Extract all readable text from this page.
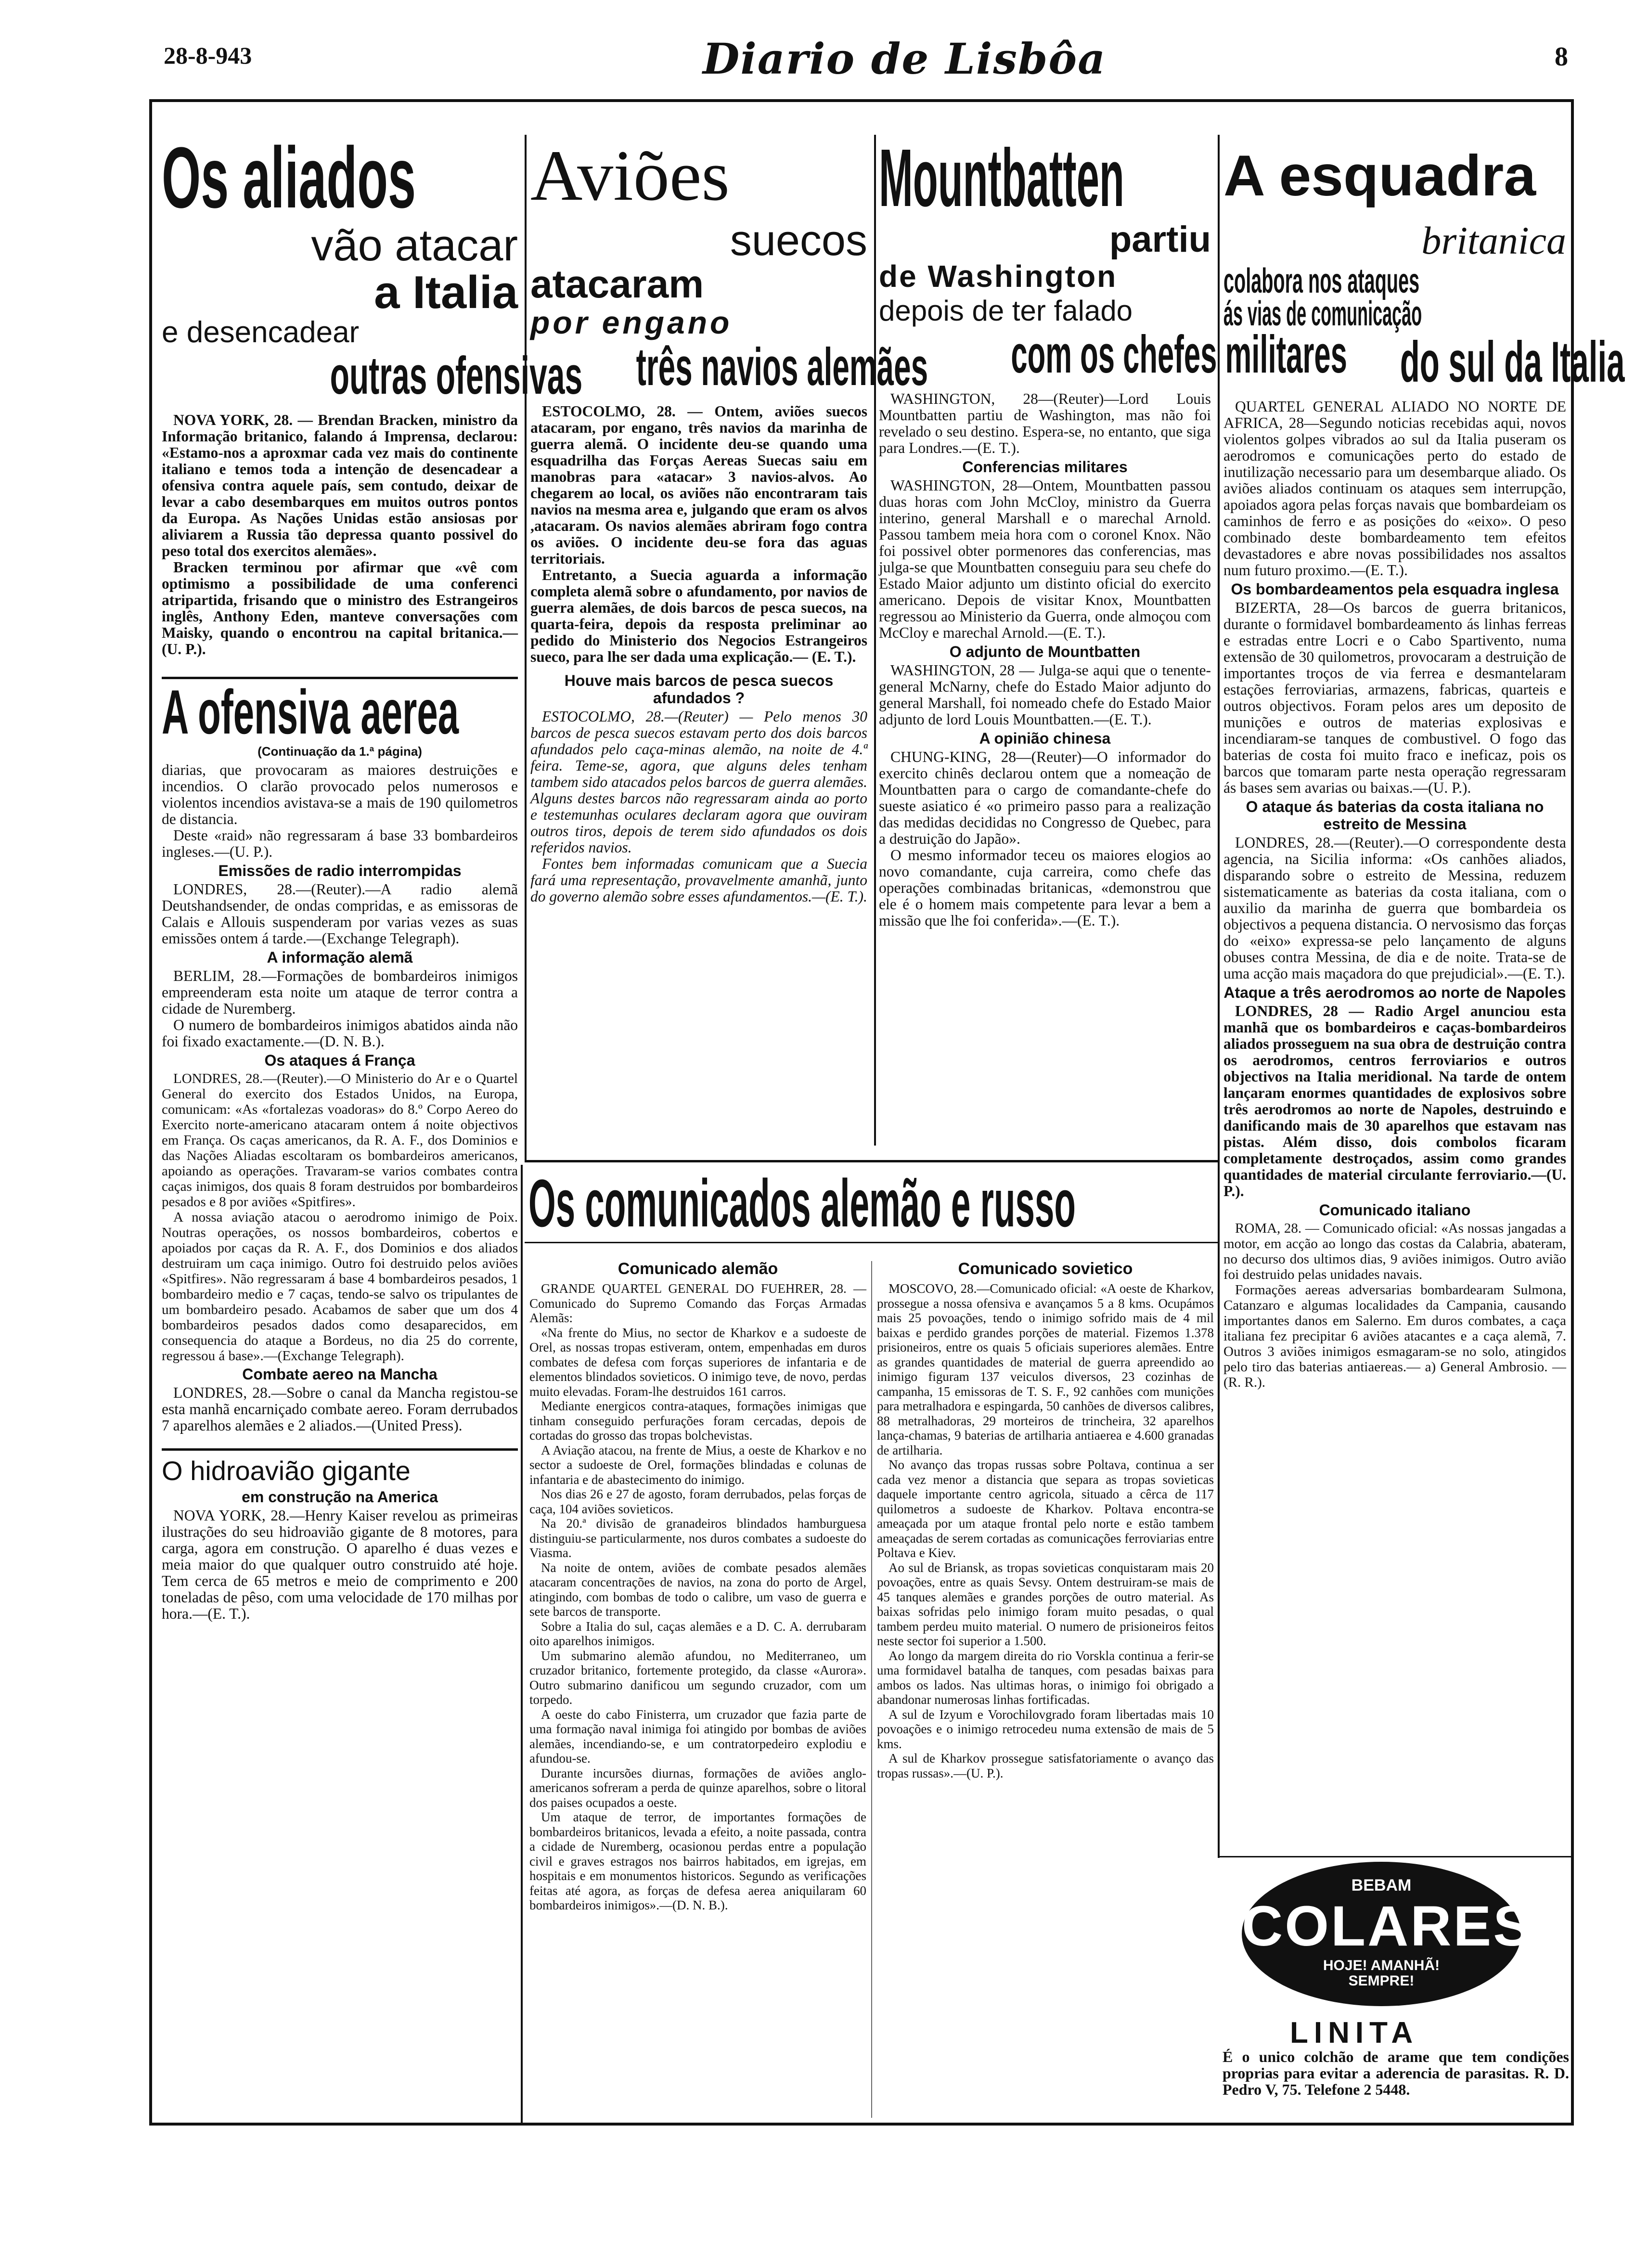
28-8-943	Diario de Lisbôa	8
Os aliados
vão atacar
a Italia
e desencadear
outras ofensivas

NOVA YORK, 28. — Brendan Bracken, ministro da Informação britanico, falando á Imprensa, declarou: «Estamo-nos a aproxmar cada vez mais do continente italiano e temos toda a intenção de desencadear a ofensiva contra aquele país, sem contudo, deixar de levar a cabo desembarques em muitos outros pontos da Europa. As Nações Unidas estão ansiosas por aliviarem a Russia tão depressa quanto possivel do peso total dos exercitos alemães».

Bracken terminou por afirmar que «vê com optimismo a possibilidade de uma conferenci atripartida, frisando que o ministro des Estrangeiros inglês, Anthony Eden, manteve conversações com Maisky, quando o encontrou na capital britanica.— (U. P.).

A ofensiva aerea
(Continuação da 1.ª página)

diarias, que provocaram as maiores destruições e incendios. O clarão provocado pelos numerosos e violentos incendios avistava-se a mais de 190 quilometros de distancia.

Deste «raid» não regressaram á base 33 bombardeiros ingleses.—(U. P.).

Emissões de radio interrompidas

LONDRES, 28.—(Reuter).—A radio alemã Deutshandsender, de ondas compridas, e as emissoras de Calais e Allouis suspenderam por varias vezes as suas emissões ontem á tarde.—(Exchange Telegraph).

A informação alemã

BERLIM, 28.—Formações de bombardeiros inimigos empreenderam esta noite um ataque de terror contra a cidade de Nuremberg.

O numero de bombardeiros inimigos abatidos ainda não foi fixado exactamente.—(D. N. B.).

Os ataques á França

LONDRES, 28.—(Reuter).—O Ministerio do Ar e o Quartel General do exercito dos Estados Unidos, na Europa, comunicam: «As «fortalezas voadoras» do 8.º Corpo Aereo do Exercito norte-americano atacaram ontem á noite objectivos em França. Os caças americanos, da R. A. F., dos Dominios e das Nações Aliadas escoltaram os bombardeiros americanos, apoiando as operações. Travaram-se varios combates contra caças inimigos, dos quais 8 foram destruidos por bombardeiros pesados e 8 por aviões «Spitfires».

A nossa aviação atacou o aerodromo inimigo de Poix. Noutras operações, os nossos bombardeiros, cobertos e apoiados por caças da R. A. F., dos Dominios e dos aliados destruiram um caça inimigo. Outro foi destruido pelos aviões «Spitfires». Não regressaram á base 4 bombardeiros pesados, 1 bombardeiro medio e 7 caças, tendo-se salvo os tripulantes de um bombardeiro pesado. Acabamos de saber que um dos 4 bombardeiros pesados dados como desaparecidos, em consequencia do ataque a Bordeus, no dia 25 do corrente, regressou á base».—(Exchange Telegraph).

Combate aereo na Mancha

LONDRES, 28.—Sobre o canal da Mancha registou-se esta manhã encarniçado combate aereo. Foram derrubados 7 aparelhos alemães e 2 aliados.—(United Press).

O hidroavião gigante
em construção na America

NOVA YORK, 28.—Henry Kaiser revelou as primeiras ilustrações do seu hidroavião gigante de 8 motores, para carga, agora em construção. O aparelho é duas vezes e meia maior do que qualquer outro construido até hoje. Tem cerca de 65 metros e meio de comprimento e 200 toneladas de pêso, com uma velocidade de 170 milhas por hora.—(E. T.).

Aviões
suecos
atacaram
por engano
três navios alemães

ESTOCOLMO, 28. — Ontem, aviões suecos atacaram, por engano, três navios da marinha de guerra alemã. O incidente deu-se quando uma esquadrilha das Forças Aereas Suecas saiu em manobras para «atacar» 3 navios-alvos. Ao chegarem ao local, os aviões não encontraram tais navios na mesma area e, julgando que eram os alvos ,atacaram. Os navios alemães abriram fogo contra os aviões. O incidente deu-se fora das aguas territoriais.

Entretanto, a Suecia aguarda a informação completa alemã sobre o afundamento, por navios de guerra alemães, de dois barcos de pesca suecos, na quarta-feira, depois da resposta preliminar ao pedido do Ministerio dos Negocios Estrangeiros sueco, para lhe ser dada uma explicação.— (E. T.).

Houve mais barcos de pesca suecos afundados ?

ESTOCOLMO, 28.—(Reuter) — Pelo menos 30 barcos de pesca suecos estavam perto dos dois barcos afundados pelo caça-minas alemão, na noite de 4.ª feira. Teme-se, agora, que alguns deles tenham tambem sido atacados pelos barcos de guerra alemães. Alguns destes barcos não regressaram ainda ao porto e testemunhas oculares declaram agora que ouviram outros tiros, depois de terem sido afundados os dois referidos navios.

Fontes bem informadas comunicam que a Suecia fará uma representação, provavelmente amanhã, junto do governo alemão sobre esses afundamentos.—(E. T.).

Mountbatten
partiu
de Washington
depois de ter falado
com os chefes militares

WASHINGTON, 28—(Reuter)—Lord Louis Mountbatten partiu de Washington, mas não foi revelado o seu destino. Espera-se, no entanto, que siga para Londres.—(E. T.).

Conferencias militares

WASHINGTON, 28—Ontem, Mountbatten passou duas horas com John McCloy, ministro da Guerra interino, general Marshall e o marechal Arnold. Passou tambem meia hora com o coronel Knox. Não foi possivel obter pormenores das conferencias, mas julga-se que Mountbatten conseguiu para seu chefe do Estado Maior adjunto um distinto oficial do exercito americano. Depois de visitar Knox, Mountbatten regressou ao Ministerio da Guerra, onde almoçou com McCloy e marechal Arnold.—(E. T.).

O adjunto de Mountbatten

WASHINGTON, 28 — Julga-se aqui que o tenente-general McNarny, chefe do Estado Maior adjunto do general Marshall, foi nomeado chefe do Estado Maior adjunto de lord Louis Mountbatten.—(E. T.).

A opinião chinesa

CHUNG-KING, 28—(Reuter)—O informador do exercito chinês declarou ontem que a nomeação de Mountbatten para o cargo de comandante-chefe do sueste asiatico é «o primeiro passo para a realização das medidas decididas no Congresso de Quebec, para a destruição do Japão».

O mesmo informador teceu os maiores elogios ao novo comandante, cuja carreira, como chefe das operações combinadas britanicas, «demonstrou que ele é o homem mais competente para levar a bem a missão que lhe foi conferida».—(E. T.).

A esquadra
britanica
colabora nos ataques
ás vias de comunicação
do sul da Italia

QUARTEL GENERAL ALIADO NO NORTE DE AFRICA, 28—Segundo noticias recebidas aqui, novos violentos golpes vibrados ao sul da Italia puseram os aerodromos e comunicações perto do estado de inutilização necessario para um desembarque aliado. Os aviões aliados continuam os ataques sem interrupção, apoiados agora pelas forças navais que bombardeiam os caminhos de ferro e as posições do «eixo». O peso combinado deste bombardeamento tem efeitos devastadores e abre novas possibilidades nos assaltos num futuro proximo.—(E. T.).

Os bombardeamentos pela esquadra inglesa

BIZERTA, 28—Os barcos de guerra britanicos, durante o formidavel bombardeamento ás linhas ferreas e estradas entre Locri e o Cabo Spartivento, numa extensão de 30 quilometros, provocaram a destruição de importantes troços de via ferrea e desmantelaram estações ferroviarias, armazens, fabricas, quarteis e outros objectivos. Foram pelos ares um deposito de munições e outros de materias explosivas e incendiaram-se tanques de combustivel. O fogo das baterias de costa foi muito fraco e ineficaz, pois os barcos que tomaram parte nesta operação regressaram ás bases sem avarias ou baixas.—(U. P.).

O ataque ás baterias da costa italiana no estreito de Messina

LONDRES, 28.—(Reuter).—O correspondente desta agencia, na Sicilia informa: «Os canhões aliados, disparando sobre o estreito de Messina, reduzem sistematicamente as baterias da costa italiana, com o auxilio da marinha de guerra que bombardeia os objectivos a pequena distancia. O nervosismo das forças do «eixo» expressa-se pelo lançamento de alguns obuses contra Messina, de dia e de noite. Trata-se de uma acção mais maçadora do que prejudicial».—(E. T.).

Ataque a três aerodromos ao norte de Napoles

LONDRES, 28 — Radio Argel anunciou esta manhã que os bombardeiros e caças-bombardeiros aliados prosseguem na sua obra de destruição contra os aerodromos, centros ferroviarios e outros objectivos na Italia meridional. Na tarde de ontem lançaram enormes quantidades de explosivos sobre três aerodromos ao norte de Napoles, destruindo e danificando mais de 30 aparelhos que estavam nas pistas. Além disso, dois combolos ficaram completamente destroçados, assim como grandes quantidades de material circulante ferroviario.—(U. P.).

Comunicado italiano

ROMA, 28. — Comunicado oficial: «As nossas jangadas a motor, em acção ao longo das costas da Calabria, abateram, no decurso dos ultimos dias, 9 aviões inimigos. Outro avião foi destruido pelas unidades navais.

Formações aereas adversarias bombardearam Sulmona, Catanzaro e algumas localidades da Campania, causando importantes danos em Salerno. Em duros combates, a caça italiana fez precipitar 6 aviões atacantes e a caça alemã, 7. Outros 3 aviões inimigos esmagaram-se no solo, atingidos pelo tiro das baterias antiaereas.— a) General Ambrosio. — (R. R.).

Os comunicados alemão e russo
Comunicado alemão

GRANDE QUARTEL GENERAL DO FUEHRER, 28. — Comunicado do Supremo Comando das Forças Armadas Alemãs:

«Na frente do Mius, no sector de Kharkov e a sudoeste de Orel, as nossas tropas estiveram, ontem, empenhadas em duros combates de defesa com forças superiores de infantaria e de elementos blindados sovieticos. O inimigo teve, de novo, perdas muito elevadas. Foram-lhe destruidos 161 carros.

Mediante energicos contra-ataques, formações inimigas que tinham conseguido perfurações foram cercadas, depois de cortadas do grosso das tropas bolchevistas.

A Aviação atacou, na frente de Mius, a oeste de Kharkov e no sector a sudoeste de Orel, formações blindadas e colunas de infantaria e de abastecimento do inimigo.

Nos dias 26 e 27 de agosto, foram derrubados, pelas forças de caça, 104 aviões sovieticos.

Na 20.ª divisão de granadeiros blindados hamburguesa distinguiu-se particularmente, nos duros combates a sudoeste do Viasma.

Na noite de ontem, aviões de combate pesados alemães atacaram concentrações de navios, na zona do porto de Argel, atingindo, com bombas de todo o calibre, um vaso de guerra e sete barcos de transporte.

Sobre a Italia do sul, caças alemães e a D. C. A. derrubaram oito aparelhos inimigos.

Um submarino alemão afundou, no Mediterraneo, um cruzador britanico, fortemente protegido, da classe «Aurora». Outro submarino danificou um segundo cruzador, com um torpedo.

A oeste do cabo Finisterra, um cruzador que fazia parte de uma formação naval inimiga foi atingido por bombas de aviões alemães, incendiando-se, e um contratorpedeiro explodiu e afundou-se.

Durante incursões diurnas, formações de aviões anglo-americanos sofreram a perda de quinze aparelhos, sobre o litoral dos paises ocupados a oeste.

Um ataque de terror, de importantes formações de bombardeiros britanicos, levada a efeito, a noite passada, contra a cidade de Nuremberg, ocasionou perdas entre a população civil e graves estragos nos bairros habitados, em igrejas, em hospitais e em monumentos historicos. Segundo as verificações feitas até agora, as forças de defesa aerea aniquilaram 60 bombardeiros inimigos».—(D. N. B.).

Comunicado sovietico

MOSCOVO, 28.—Comunicado oficial: «A oeste de Kharkov, prossegue a nossa ofensiva e avançamos 5 a 8 kms. Ocupámos mais 25 povoações, tendo o inimigo sofrido mais de 4 mil baixas e perdido grandes porções de material. Fizemos 1.378 prisioneiros, entre os quais 5 oficiais superiores alemães. Entre as grandes quantidades de material de guerra apreendido ao inimigo figuram 137 veiculos diversos, 23 cozinhas de campanha, 15 emissoras de T. S. F., 92 canhões com munições para metralhadora e espingarda, 50 canhões de diversos calibres, 88 metralhadoras, 29 morteiros de trincheira, 32 aparelhos lança-chamas, 9 baterias de artilharia antiaerea e 4.600 granadas de artilharia.

No avanço das tropas russas sobre Poltava, continua a ser cada vez menor a distancia que separa as tropas sovieticas daquele importante centro agricola, situado a cêrca de 117 quilometros a sudoeste de Kharkov. Poltava encontra-se ameaçada por um ataque frontal pelo norte e estão tambem ameaçadas de serem cortadas as comunicações ferroviarias entre Poltava e Kiev.

Ao sul de Briansk, as tropas sovieticas conquistaram mais 20 povoações, entre as quais Sevsy. Ontem destruiram-se mais de 45 tanques alemães e grandes porções de outro material. As baixas sofridas pelo inimigo foram muito pesadas, o qual tambem perdeu muito material. O numero de prisioneiros feitos neste sector foi superior a 1.500.

Ao longo da margem direita do rio Vorskla continua a ferir-se uma formidavel batalha de tanques, com pesadas baixas para ambos os lados. Nas ultimas horas, o inimigo foi obrigado a abandonar numerosas linhas fortificadas.

A sul de Izyum e Vorochilovgrado foram libertadas mais 10 povoações e o inimigo retrocedeu numa extensão de mais de 5 kms.

A sul de Kharkov prossegue satisfatoriamente o avanço das tropas russas».—(U. P.).

BEBAM
COLARES
HOJE! AMANHÃ!
SEMPRE!
LINITA
É o unico colchão de arame que tem condições proprias para evitar a aderencia de parasitas. R. D. Pedro V, 75. Telefone 2 5448.
